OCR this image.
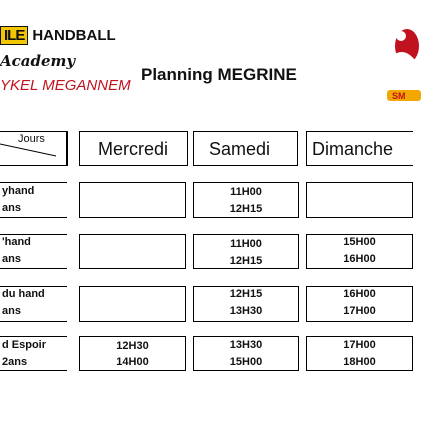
ILE HANDBALL
Academy
YKEL MEGANNEM
Planning MEGRINE
SM
Jours	Mercredi Samedi Dimanche
yhand
ans
11H00
12H15
'hand
ans
11H00
12H15
15H00
16H00
du hand
ans
12H15
13H30
16H00
17H00
d Espoir
2ans
12H30
14H00
13H30
15H00
17H00
18H00
